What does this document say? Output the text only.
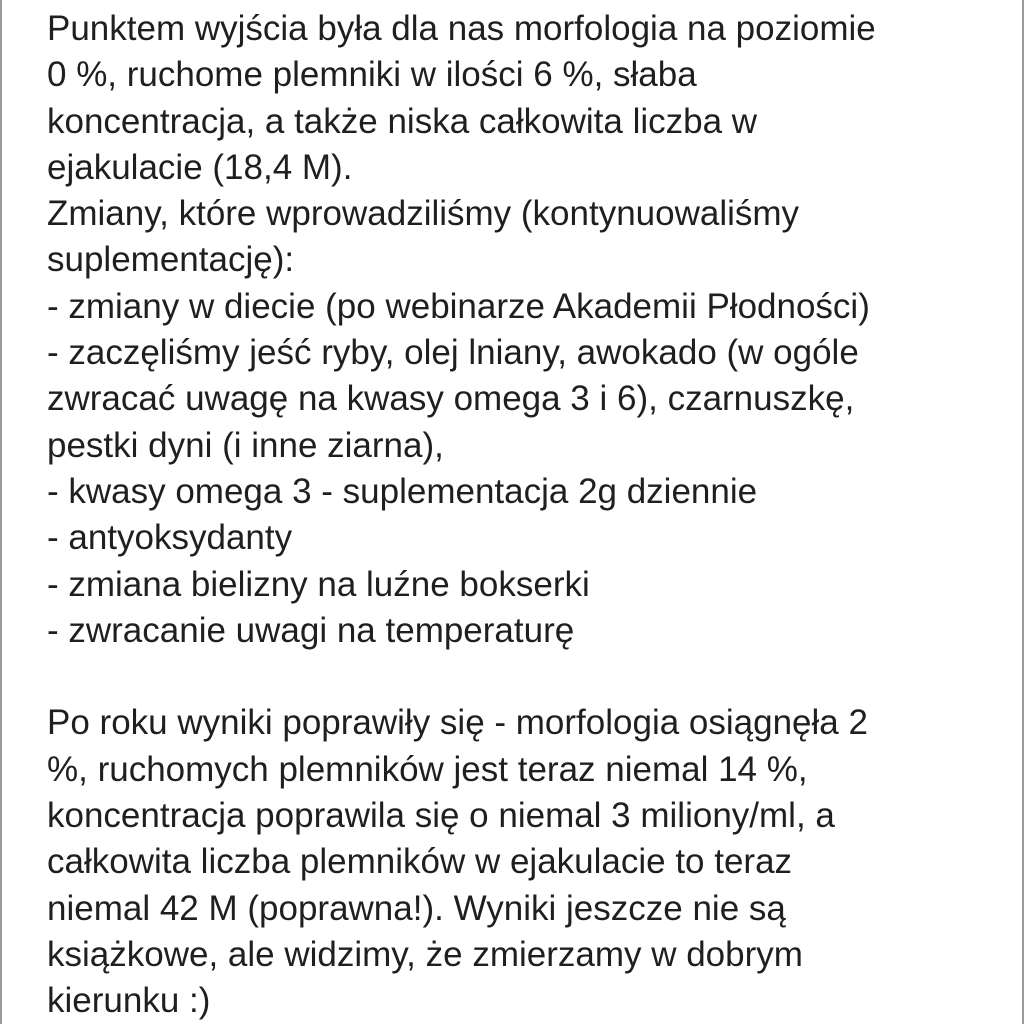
Punktem wyjścia była dla nas morfologia na poziomie
0 %, ruchome plemniki w ilości 6 %, słaba
koncentracja, a także niska całkowita liczba w
ejakulacie (18,4 M).
Zmiany, które wprowadziliśmy (kontynuowaliśmy
suplementację):
- zmiany w diecie (po webinarze Akademii Płodności)
- zaczęliśmy jeść ryby, olej lniany, awokado (w ogóle
zwracać uwagę na kwasy omega 3 i 6), czarnuszkę,
pestki dyni (i inne ziarna),
- kwasy omega 3 - suplementacja 2g dziennie
- antyoksydanty
- zmiana bielizny na luźne bokserki
- zwracanie uwagi na temperaturę
Po roku wyniki poprawiły się - morfologia osiągnęła 2
%, ruchomych plemników jest teraz niemal 14 %,
koncentracja poprawila się o niemal 3 miliony/ml, a
całkowita liczba plemników w ejakulacie to teraz
niemal 42 M (poprawna!). Wyniki jeszcze nie są
książkowe, ale widzimy, że zmierzamy w dobrym
kierunku :)
